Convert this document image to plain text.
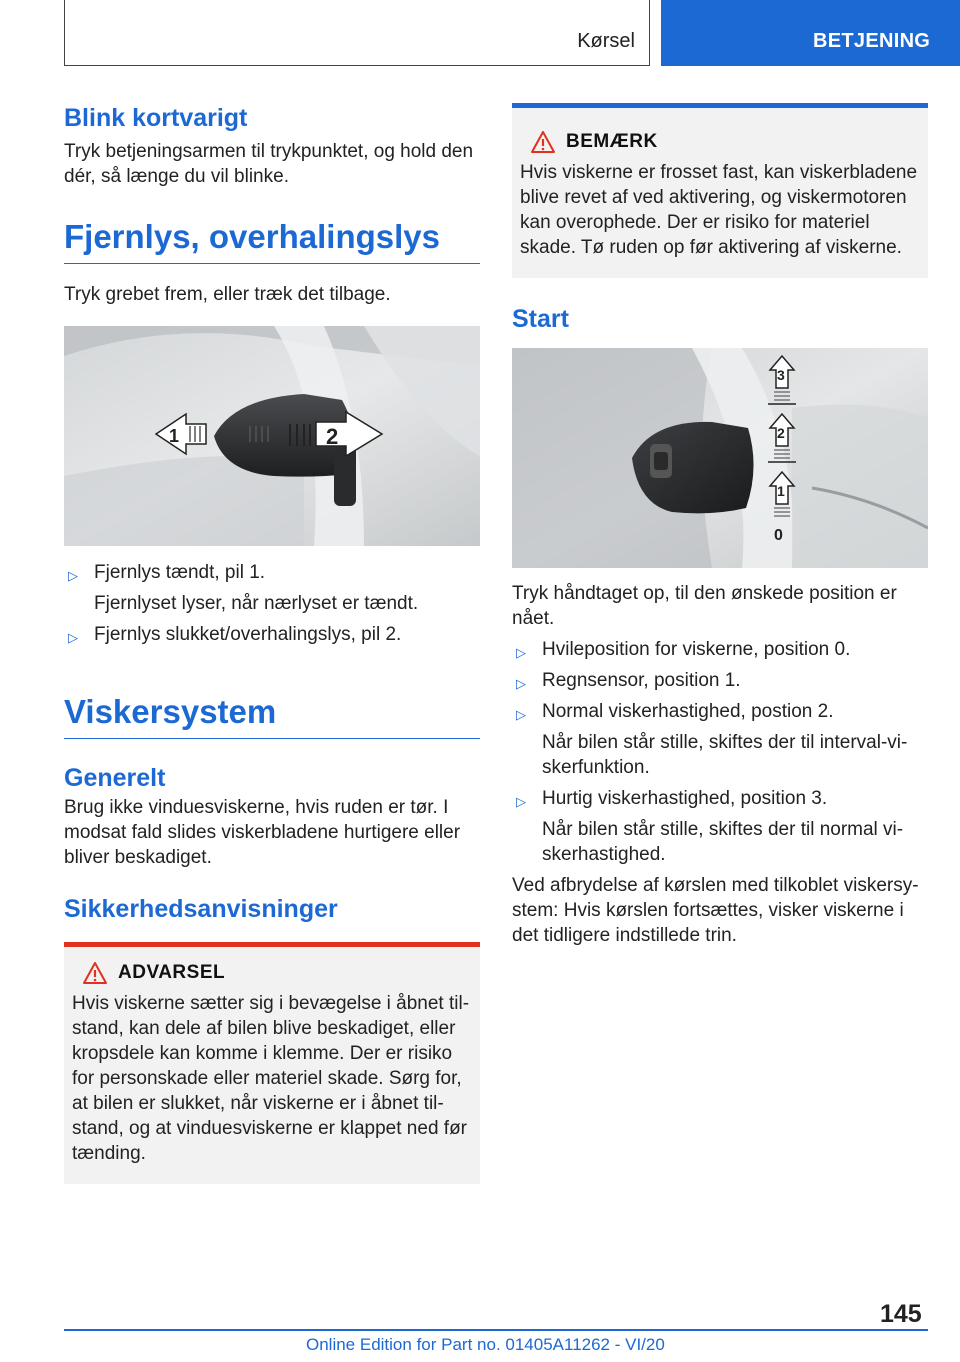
Kørsel	BETJENING
Blink kortvarigt
Tryk betjeningsarmen til trykpunktet, og hold den dér, så længe du vil blinke.
Fjernlys, overhalingslys
Tryk grebet frem, eller træk det tilbage.
1	2
▷ Fjernlys tændt, pil 1.
Fjernlyset lyser, når nærlyset er tændt.
▷ Fjernlys slukket/overhalingslys, pil 2.
Viskersystem
Generelt
Brug ikke vinduesviskerne, hvis ruden er tør. I modsat fald slides viskerbladene hurtigere eller bliver beskadiget.
Sikkerhedsanvisninger
ADVARSEL
Hvis viskerne sætter sig i bevægelse i åbnet til-stand, kan dele af bilen blive beskadiget, eller kropsdele kan komme i klemme. Der er risiko for personskade eller materiel skade. Sørg for, at bilen er slukket, når viskerne er i åbnet til-stand, og at vinduesviskerne er klappet ned før tænding.
BEMÆRK
Hvis viskerne er frosset fast, kan viskerbladene blive revet af ved aktivering, og viskermotoren kan overophede. Der er risiko for materiel skade. Tø ruden op før aktivering af viskerne.
Start
3
2
1
0
Tryk håndtaget op, til den ønskede position er nået.
▷ Hvileposition for viskerne, position 0.
▷ Regnsensor, position 1.
▷ Normal viskerhastighed, postion 2.
Når bilen står stille, skiftes der til interval-vi-skerfunktion.
▷ Hurtig viskerhastighed, position 3.
Når bilen står stille, skiftes der til normal vi-skerhastighed.
Ved afbrydelse af kørslen med tilkoblet viskersy-stem: Hvis kørslen fortsættes, visker viskerne i det tidligere indstillede trin.
145
Online Edition for Part no. 01405A11262 - VI/20
